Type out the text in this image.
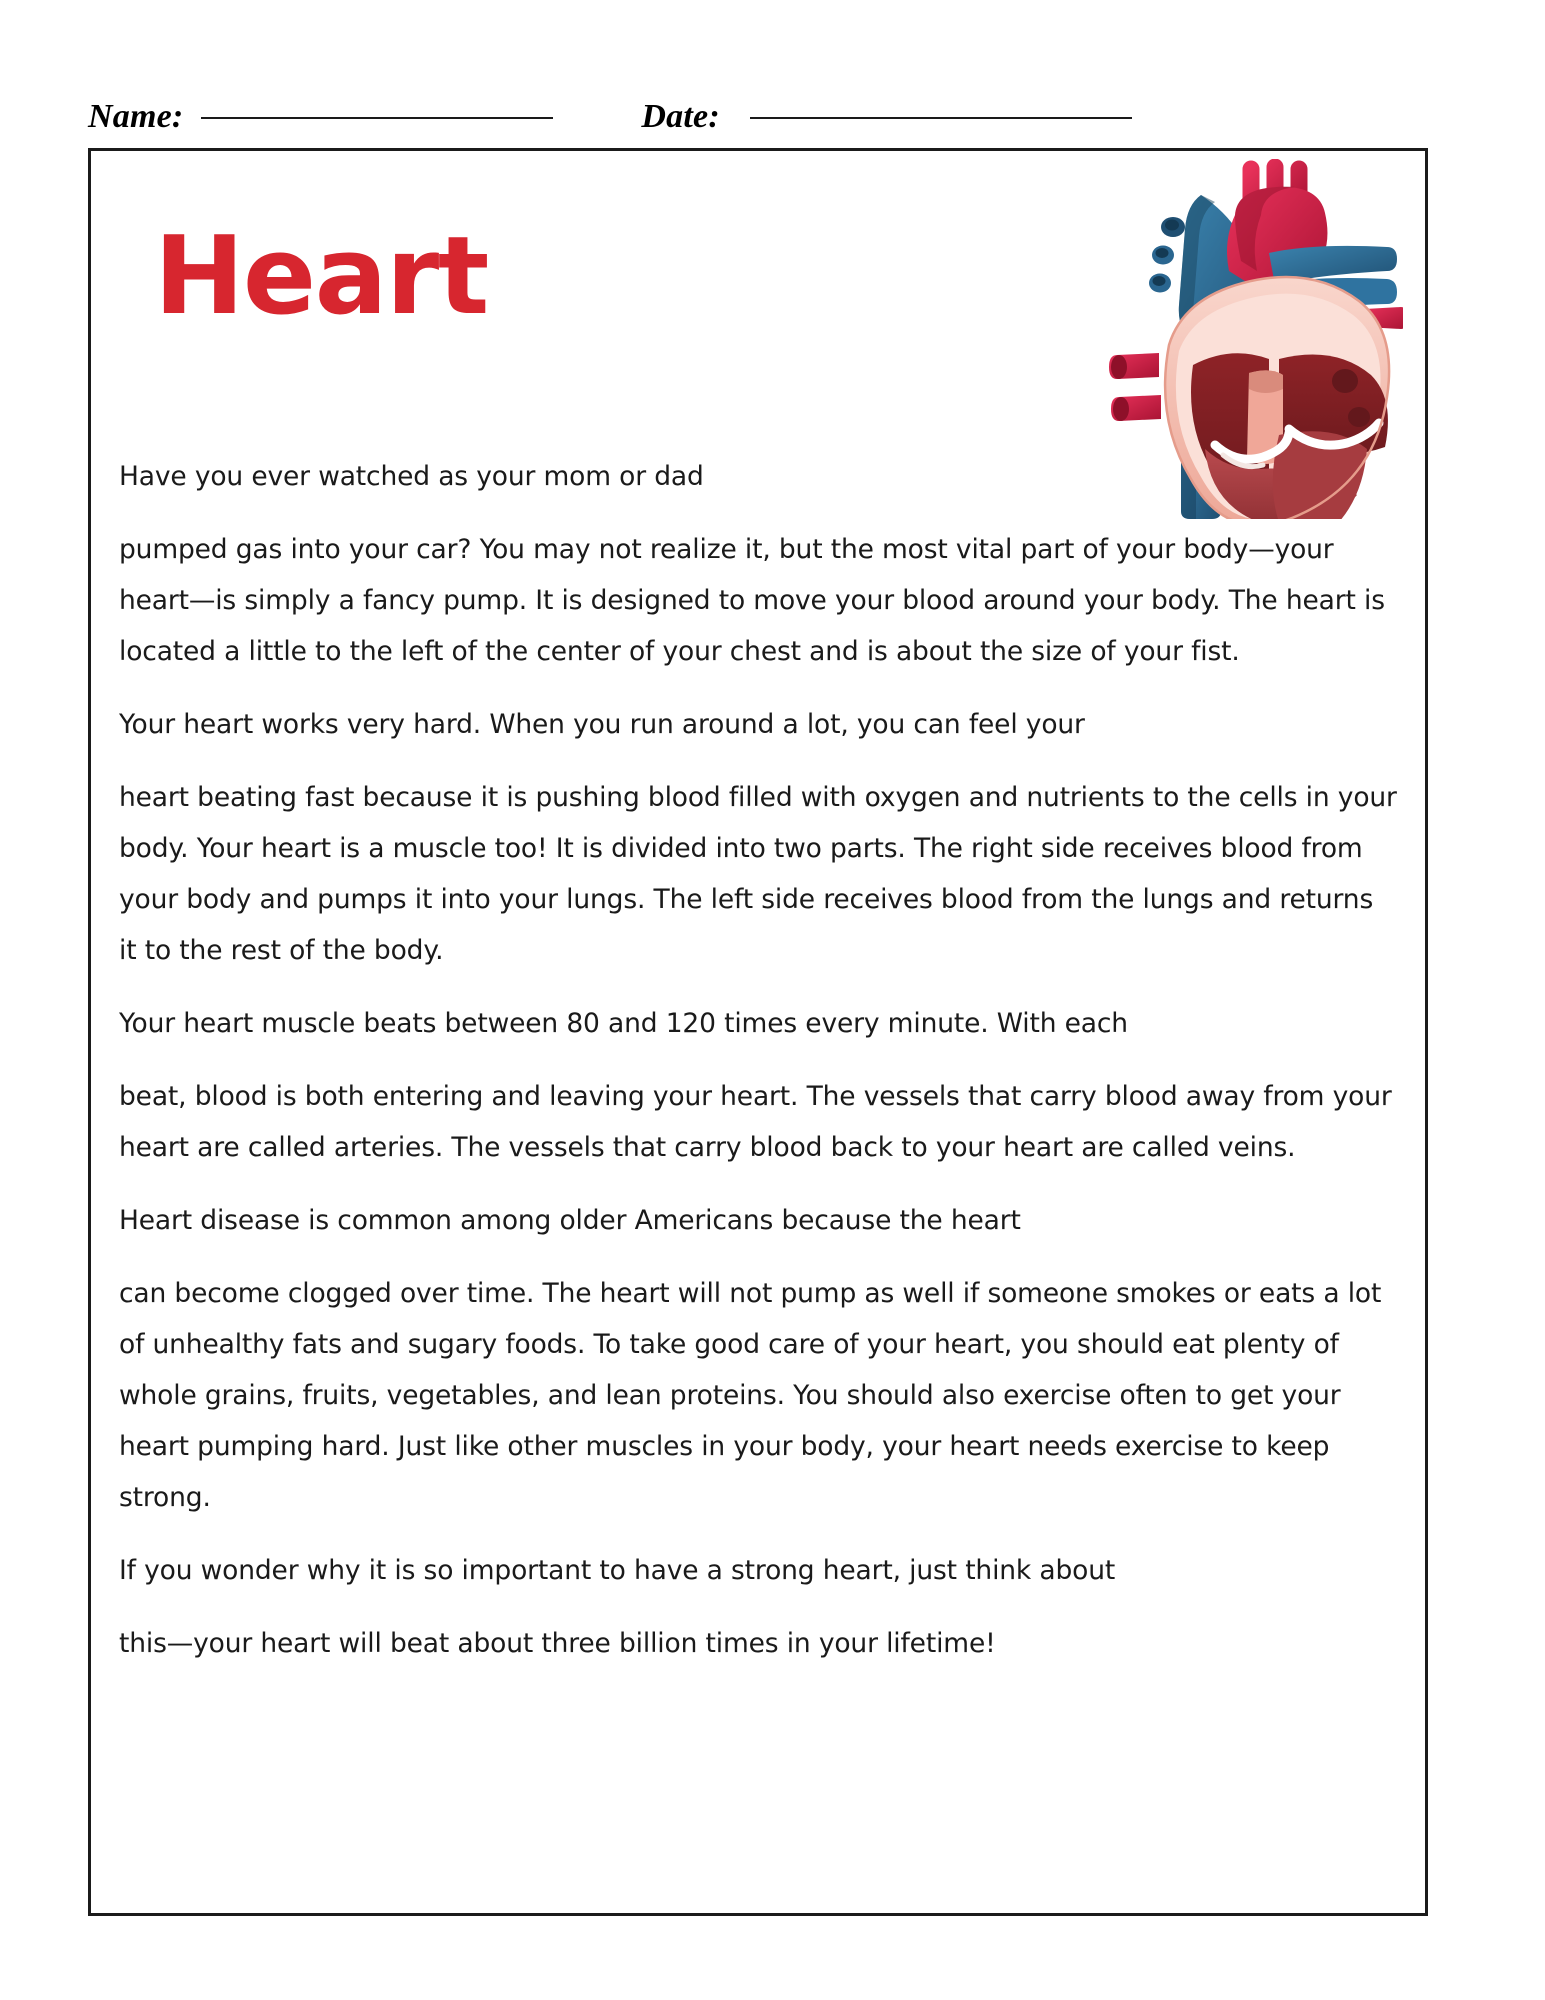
Name:	Date:
Heart

Have you ever watched as your mom or dad

pumped gas into your car? You may not realize it, but the most vital part of your body—your heart—is simply a fancy pump. It is designed to move your blood around your body. The heart is located a little to the left of the center of your chest and is about the size of your fist.

Your heart works very hard. When you run around a lot, you can feel your

heart beating fast because it is pushing blood filled with oxygen and nutrients to the cells in your body. Your heart is a muscle too! It is divided into two parts. The right side receives blood from your body and pumps it into your lungs. The left side receives blood from the lungs and returns it to the rest of the body.

Your heart muscle beats between 80 and 120 times every minute. With each

beat, blood is both entering and leaving your heart. The vessels that carry blood away from your heart are called arteries. The vessels that carry blood back to your heart are called veins.

Heart disease is common among older Americans because the heart

can become clogged over time. The heart will not pump as well if someone smokes or eats a lot of unhealthy fats and sugary foods. To take good care of your heart, you should eat plenty of whole grains, fruits, vegetables, and lean proteins. You should also exercise often to get your heart pumping hard. Just like other muscles in your body, your heart needs exercise to keep strong.

If you wonder why it is so important to have a strong heart, just think about

this—your heart will beat about three billion times in your lifetime!
